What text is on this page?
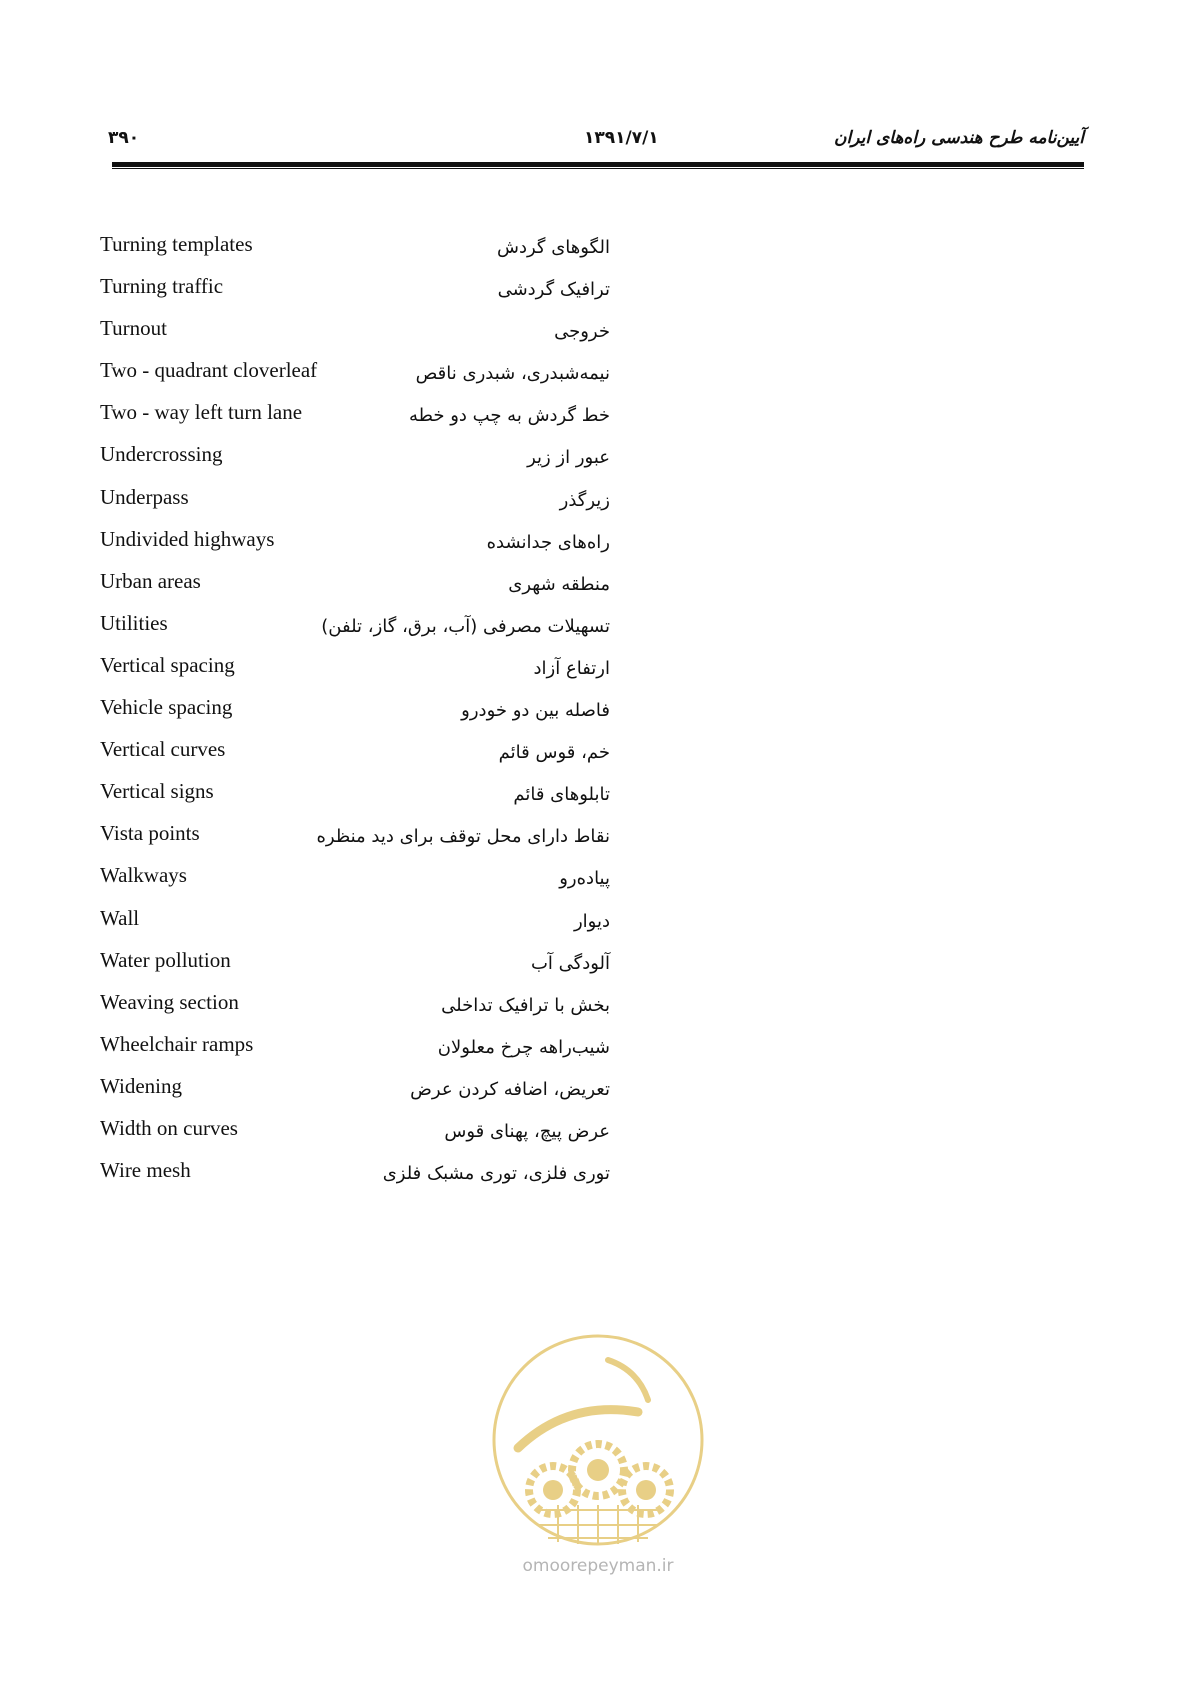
۳۹۰	۱۳۹۱/۷/۱	آیین‌نامه طرح هندسی راه‌های ایران
Turning templates	الگوهای گردش
Turning traffic	ترافیک گردشی
Turnout	خروجی
Two - quadrant cloverleaf	نیمه‌شبدری، شبدری ناقص
Two - way left turn lane	خط گردش به چپ دو خطه
Undercrossing	عبور از زیر
Underpass	زیرگذر
Undivided highways	راه‌های جدانشده
Urban areas	منطقه شهری
Utilities	تسهیلات مصرفی (آب، برق، گاز، تلفن)
Vertical spacing	ارتفاع آزاد
Vehicle spacing	فاصله بین دو خودرو
Vertical curves	خم، قوس قائم
Vertical signs	تابلوهای قائم
Vista points	نقاط دارای محل توقف برای دید منظره
Walkways	پیاده‌رو
Wall	دیوار
Water pollution	آلودگی آب
Weaving section	بخش با ترافیک تداخلی
Wheelchair ramps	شیب‌راهه چرخ معلولان
Widening	تعریض، اضافه کردن عرض
Width on curves	عرض پیچ، پهنای قوس
Wire mesh	توری فلزی، توری مشبک فلزی
omoorepeyman.ir
